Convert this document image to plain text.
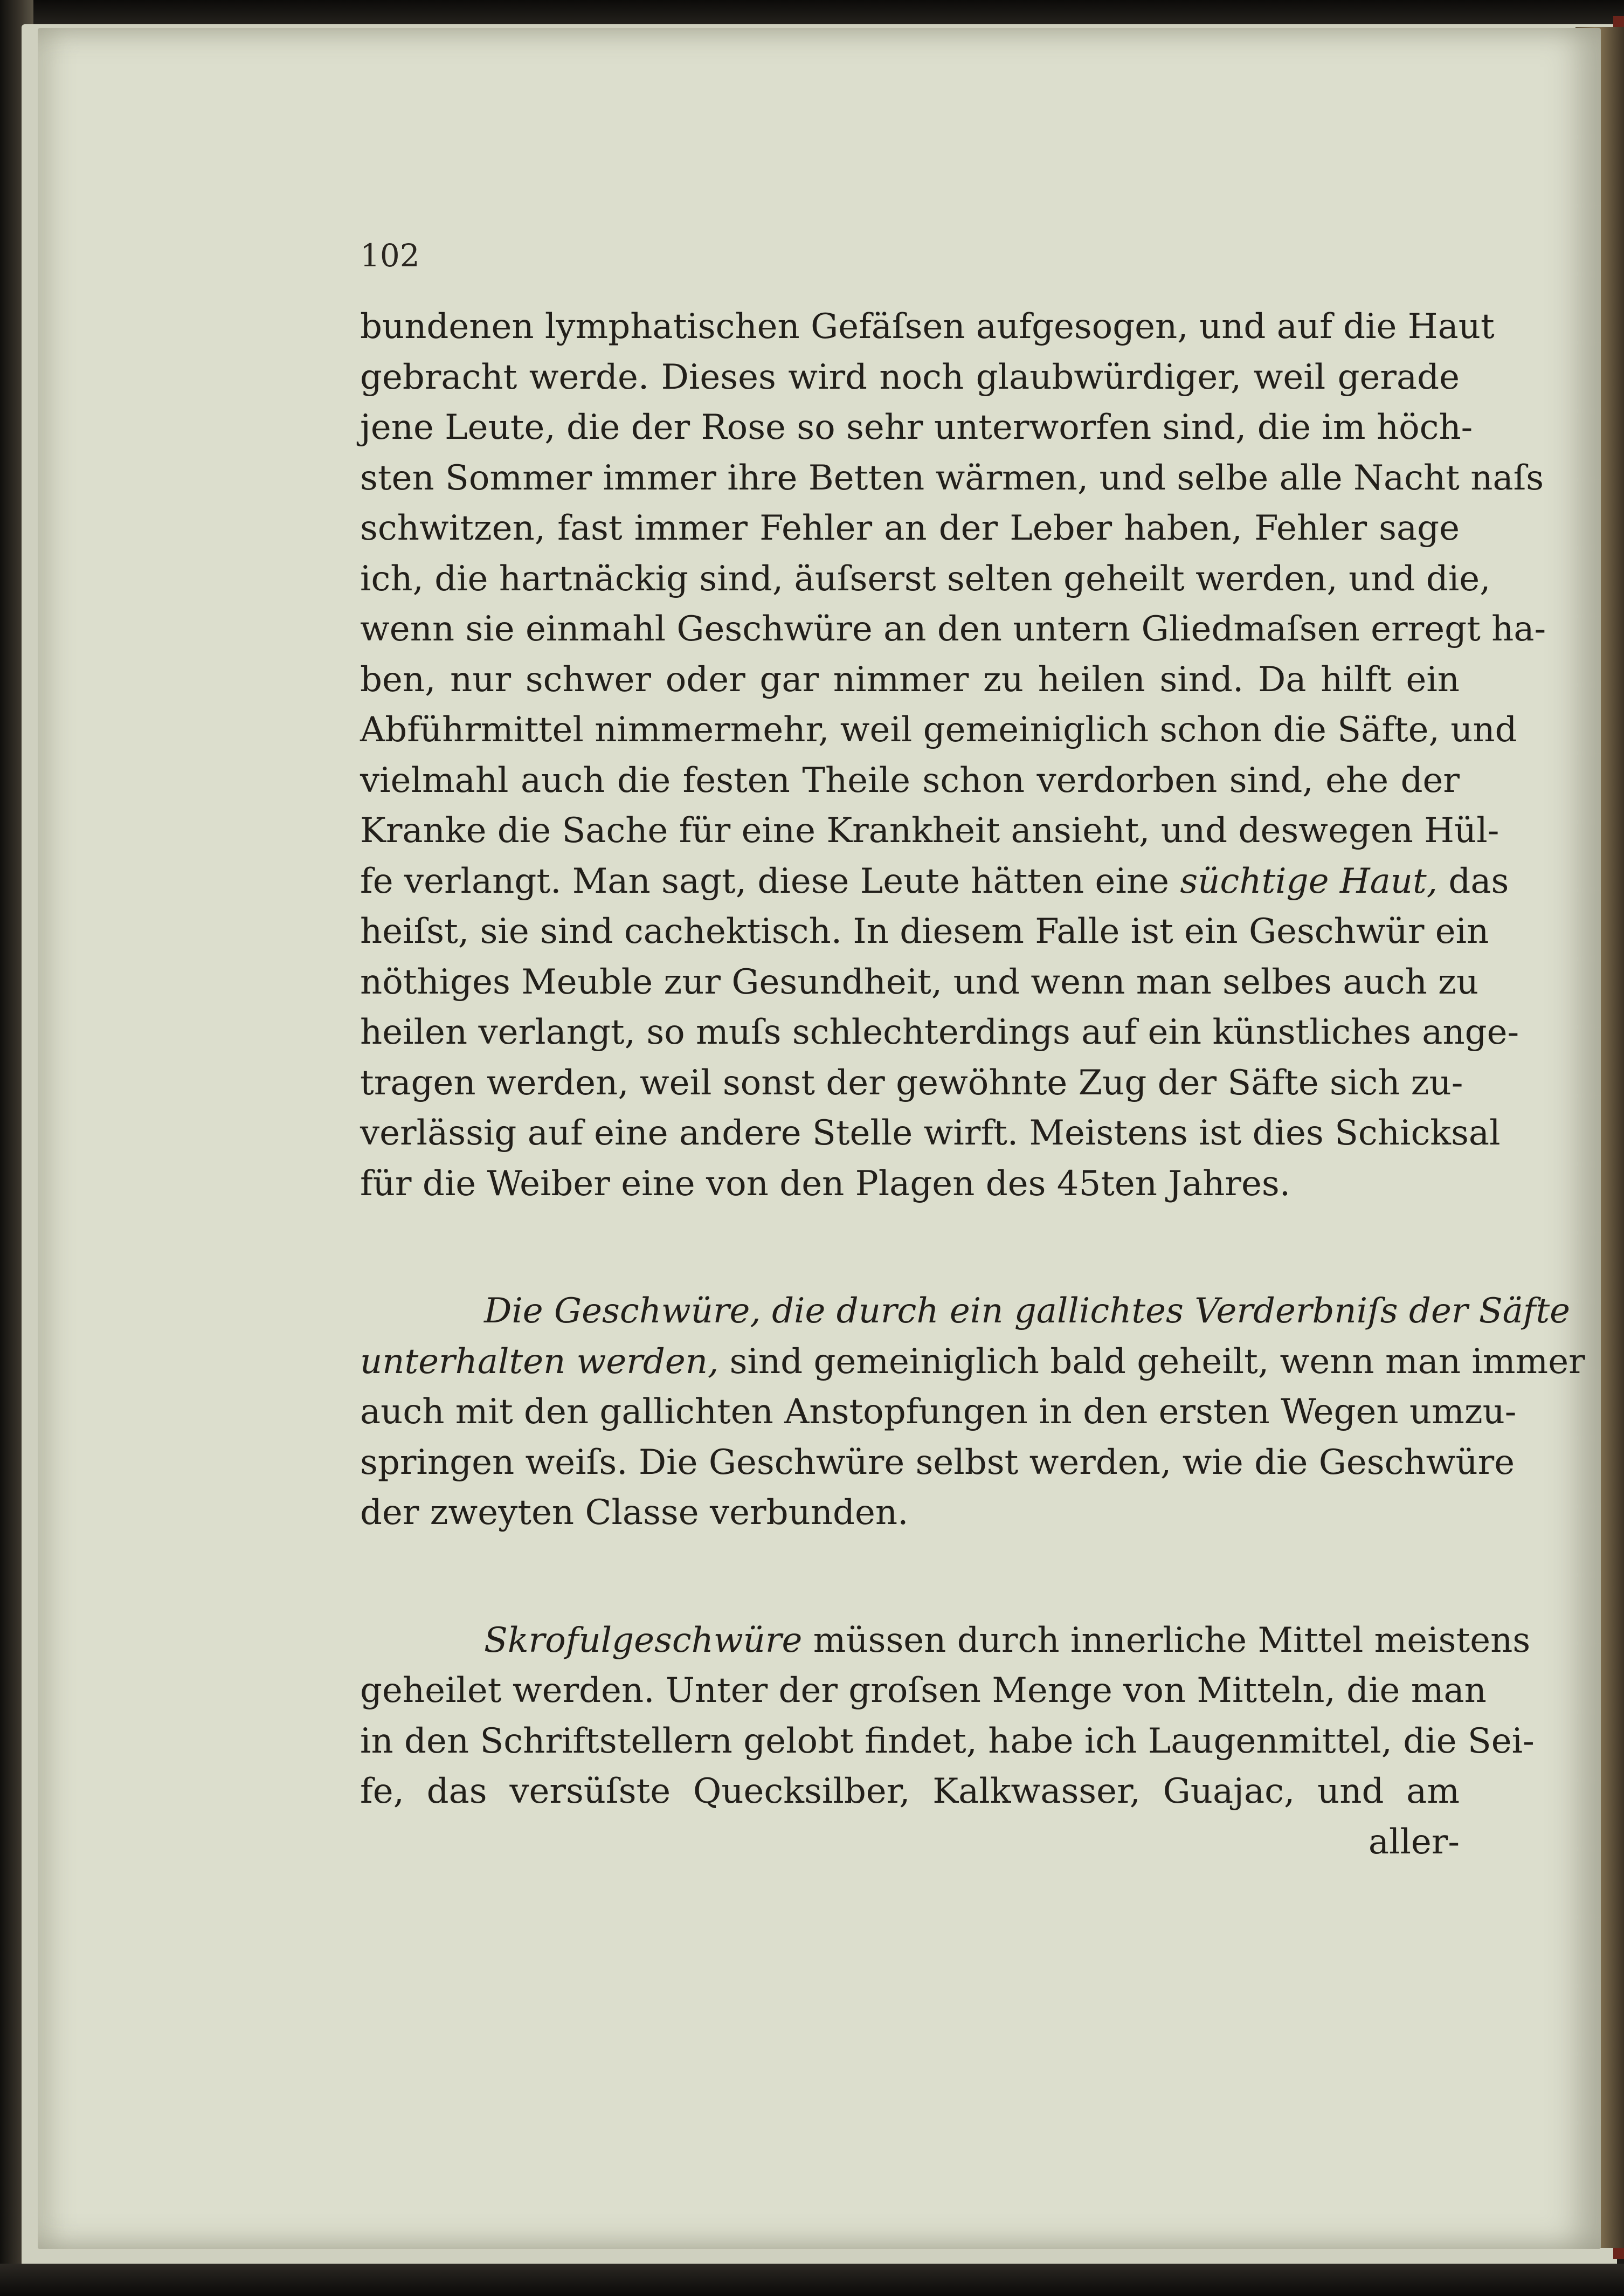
102
bundenen lymphatischen Gefäſsen aufgesogen, und auf die Haut
gebracht werde. Dieses wird noch glaubwürdiger, weil gerade
jene Leute, die der Rose so sehr unterworfen sind, die im höch-
sten Sommer immer ihre Betten wärmen, und selbe alle Nacht naſs
schwitzen, fast immer Fehler an der Leber haben, Fehler sage
ich, die hartnäckig sind, äuſserst selten geheilt werden, und die,
wenn sie einmahl Geschwüre an den untern Gliedmaſsen erregt ha-
ben, nur schwer oder gar nimmer zu heilen sind. Da hilft ein
Abführmittel nimmermehr, weil gemeiniglich schon die Säfte, und
vielmahl auch die festen Theile schon verdorben sind, ehe der
Kranke die Sache für eine Krankheit ansieht, und deswegen Hül-
fe verlangt. Man sagt, diese Leute hätten eine süchtige Haut, das
heiſst, sie sind cachektisch. In diesem Falle ist ein Geschwür ein
nöthiges Meuble zur Gesundheit, und wenn man selbes auch zu
heilen verlangt, so muſs schlechterdings auf ein künstliches ange-
tragen werden, weil sonst der gewöhnte Zug der Säfte sich zu-
verlässig auf eine andere Stelle wirft. Meistens ist dies Schicksal
für die Weiber eine von den Plagen des 45ten Jahres.
Die Geschwüre, die durch ein gallichtes Verderbniſs der Säfte
unterhalten werden, sind gemeiniglich bald geheilt, wenn man immer
auch mit den gallichten Anstopfungen in den ersten Wegen umzu-
springen weiſs. Die Geschwüre selbst werden, wie die Geschwüre
der zweyten Classe verbunden.
Skrofulgeschwüre müssen durch innerliche Mittel meistens
geheilet werden. Unter der groſsen Menge von Mitteln, die man
in den Schriftstellern gelobt findet, habe ich Laugenmittel, die Sei-
fe, das versüſste Quecksilber, Kalkwasser, Guajac, und am
aller-
